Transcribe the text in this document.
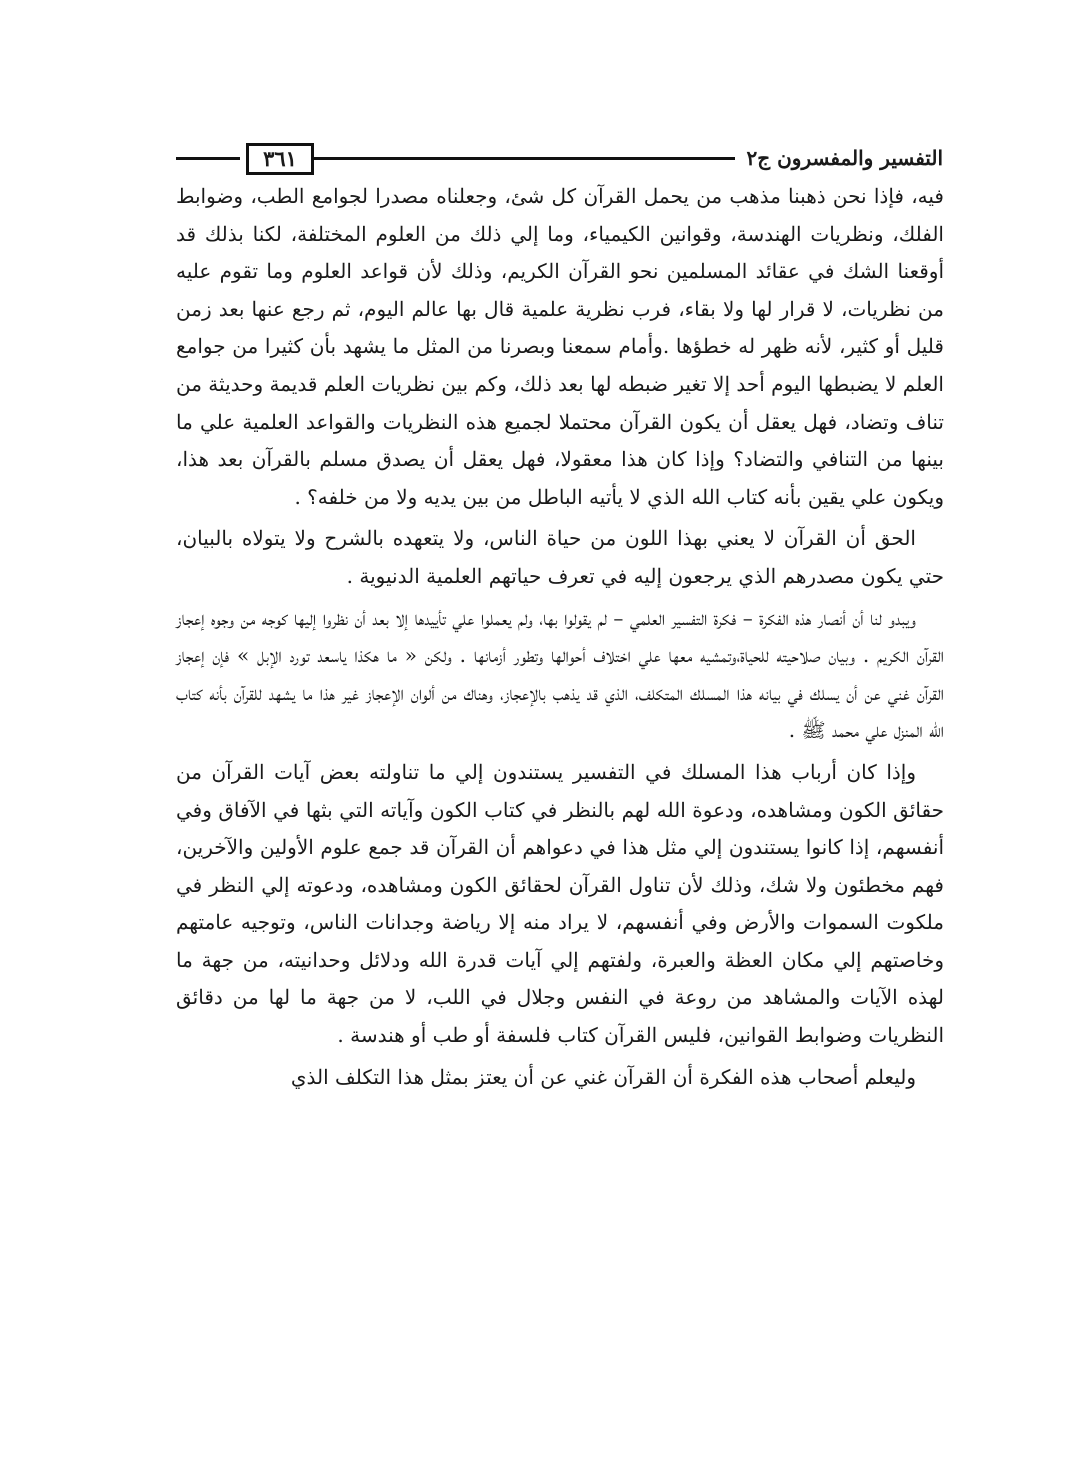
التفسير والمفسرون ج٢
٣٦١

فيه، فإذا نحن ذهبنا مذهب من يحمل القرآن كل شئ، وجعلناه مصدرا لجوامع الطب، وضوابط الفلك، ونظريات الهندسة، وقوانين الكيمياء، وما إلي ذلك من العلوم المختلفة، لكنا بذلك قد أوقعنا الشك في عقائد المسلمين نحو القرآن الكريم، وذلك لأن قواعد العلوم وما تقوم عليه من نظريات، لا قرار لها ولا بقاء، فرب نظرية علمية قال بها عالم اليوم، ثم رجع عنها بعد زمن قليل أو كثير، لأنه ظهر له خطؤها .وأمام سمعنا وبصرنا من المثل ما يشهد بأن كثيرا من جوامع العلم لا يضبطها اليوم أحد إلا تغير ضبطه لها بعد ذلك، وكم بين نظريات العلم قديمة وحديثة من تناف وتضاد، فهل يعقل أن يكون القرآن محتملا لجميع هذه النظريات والقواعد العلمية علي ما بينها من التنافي والتضاد؟ وإذا كان هذا معقولا، فهل يعقل أن يصدق مسلم بالقرآن بعد هذا، ويكون علي يقين بأنه كتاب الله الذي لا يأتيه الباطل من بين يديه ولا من خلفه؟ .

الحق أن القرآن لا يعني بهذا اللون من حياة الناس، ولا يتعهده بالشرح ولا يتولاه بالبيان، حتي يكون مصدرهم الذي يرجعون إليه في تعرف حياتهم العلمية الدنيوية .

ويبدو لنا أن أنصار هذه الفكرة – فكرة التفسير العلمي – لم يقولوا بها، ولم يعملوا علي تأييدها إلا بعد أن نظروا إليها كوجه من وجوه إعجاز القرآن الكريم . وبيان صلاحيته للحياة،وتمشيه معها علي اختلاف أحوالها وتطور أزمانها . ولكن « ما هكذا ياسعد تورد الإبل » فإن إعجاز القرآن غني عن أن يسلك في بيانه هذا المسلك المتكلف، الذي قد يذهب بالإعجاز، وهناك من ألوان الإعجاز غير هذا ما يشهد للقرآن بأنه كتاب الله المنزل علي محمد ﷺ .

وإذا كان أرباب هذا المسلك في التفسير يستندون إلي ما تناولته بعض آيات القرآن من حقائق الكون ومشاهده، ودعوة الله لهم بالنظر في كتاب الكون وآياته التي بثها في الآفاق وفي أنفسهم، إذا كانوا يستندون إلي مثل هذا في دعواهم أن القرآن قد جمع علوم الأولين والآخرين، فهم مخطئون ولا شك، وذلك لأن تناول القرآن لحقائق الكون ومشاهده، ودعوته إلي النظر في ملكوت السموات والأرض وفي أنفسهم، لا يراد منه إلا رياضة وجدانات الناس، وتوجيه عامتهم وخاصتهم إلي مكان العظة والعبرة، ولفتهم إلي آيات قدرة الله ودلائل وحدانيته، من جهة ما لهذه الآيات والمشاهد من روعة في النفس وجلال في اللب، لا من جهة ما لها من دقائق النظريات وضوابط القوانين، فليس القرآن كتاب فلسفة أو طب أو هندسة .

وليعلم أصحاب هذه الفكرة أن القرآن غني عن أن يعتز بمثل هذا التكلف الذي
